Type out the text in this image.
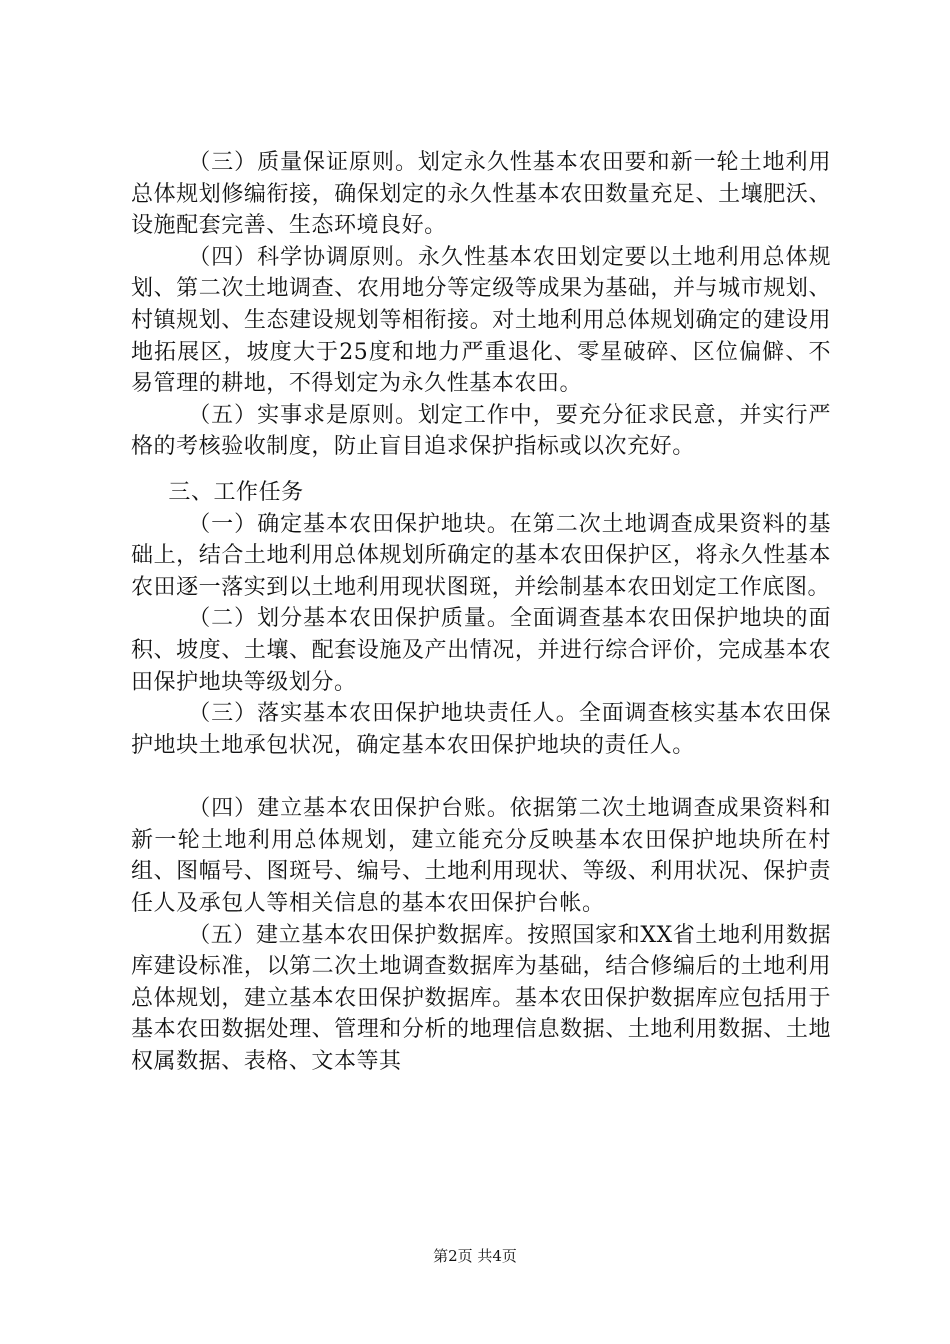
（三）质量保证原则。划定永久性基本农田要和新一轮土地利用总体规划修编衔接，确保划定的永久性基本农田数量充足、土壤肥沃、设施配套完善、生态环境良好。

（四）科学协调原则。永久性基本农田划定要以土地利用总体规划、第二次土地调查、农用地分等定级等成果为基础，并与城市规划、村镇规划、生态建设规划等相衔接。对土地利用总体规划确定的建设用地拓展区，坡度大于25度和地力严重退化、零星破碎、区位偏僻、不易管理的耕地，不得划定为永久性基本农田。

（五）实事求是原则。划定工作中，要充分征求民意，并实行严格的考核验收制度，防止盲目追求保护指标或以次充好。

三、工作任务

（一）确定基本农田保护地块。在第二次土地调查成果资料的基础上，结合土地利用总体规划所确定的基本农田保护区，将永久性基本农田逐一落实到以土地利用现状图斑，并绘制基本农田划定工作底图。

（二）划分基本农田保护质量。全面调查基本农田保护地块的面积、坡度、土壤、配套设施及产出情况，并进行综合评价，完成基本农田保护地块等级划分。

（三）落实基本农田保护地块责任人。全面调查核实基本农田保护地块土地承包状况，确定基本农田保护地块的责任人。

（四）建立基本农田保护台账。依据第二次土地调查成果资料和新一轮土地利用总体规划，建立能充分反映基本农田保护地块所在村组、图幅号、图斑号、编号、土地利用现状、等级、利用状况、保护责任人及承包人等相关信息的基本农田保护台帐。

（五）建立基本农田保护数据库。按照国家和XX省土地利用数据库建设标准，以第二次土地调查数据库为基础，结合修编后的土地利用总体规划，建立基本农田保护数据库。基本农田保护数据库应包括用于基本农田数据处理、管理和分析的地理信息数据、土地利用数据、土地权属数据、表格、文本等其

第2页 共4页
